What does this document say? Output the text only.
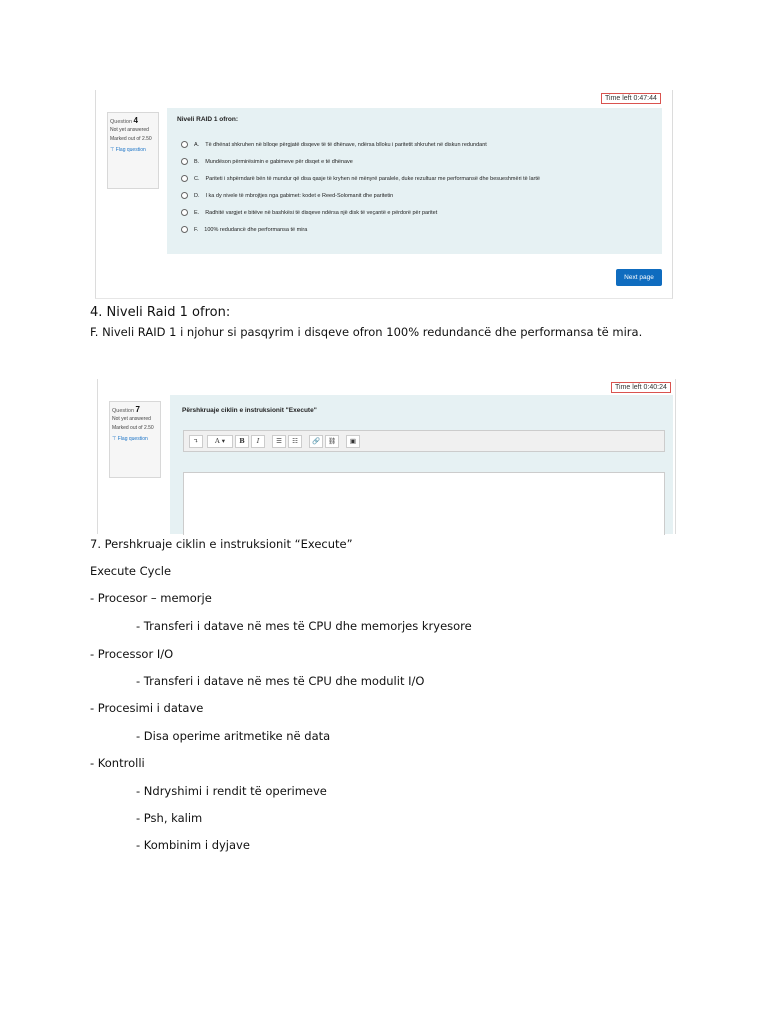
Time left 0:47:44
Question 4
Not yet answered
Marked out of 2.50
⊤ Flag question
Niveli RAID 1 ofron:
A. Të dhënat shkruhen në blloqe përgjatë disqeve të të dhënave, ndërsa blloku i paritetit shkruhet në diskun redundant
B. Mundëson përmirësimin e gabimeve për disqet e të dhënave
C. Pariteti i shpërndarë bën të mundur që disa qasje të kryhen në mënyrë paralele, duke rezultuar me performansë dhe besueshmëri të lartë
D. I ka dy nivele të mbrojtjes nga gabimet: kodet e Reed-Solomanit dhe paritetin
E. Radhitë vargjet e bitëve në bashkësi të disqeve ndërsa një disk të veçantë e përdorë për paritet
F. 100% redudancë dhe performansa të mira
Next page
4. Niveli Raid 1 ofron:
F. Niveli RAID 1 i njohur si pasqyrim i disqeve ofron 100% redundancë dhe performansa të mira.
Time left 0:40:24
Question 7
Not yet answered
Marked out of 2.50
⊤ Flag question
Përshkruaje ciklin e instruksionit "Execute"
↴	A ▾	B	I	☰	☷	🔗	⛓	▣
7. Pershkruaje ciklin e instruksionit “Execute”
Execute Cycle
- Procesor – memorje
- Transferi i datave në mes të CPU dhe memorjes kryesore
- Processor I/O
- Transferi i datave në mes të CPU dhe modulit I/O
- Procesimi i datave
- Disa operime aritmetike në data
- Kontrolli
- Ndryshimi i rendit të operimeve
- Psh, kalim
- Kombinim i dyjave
